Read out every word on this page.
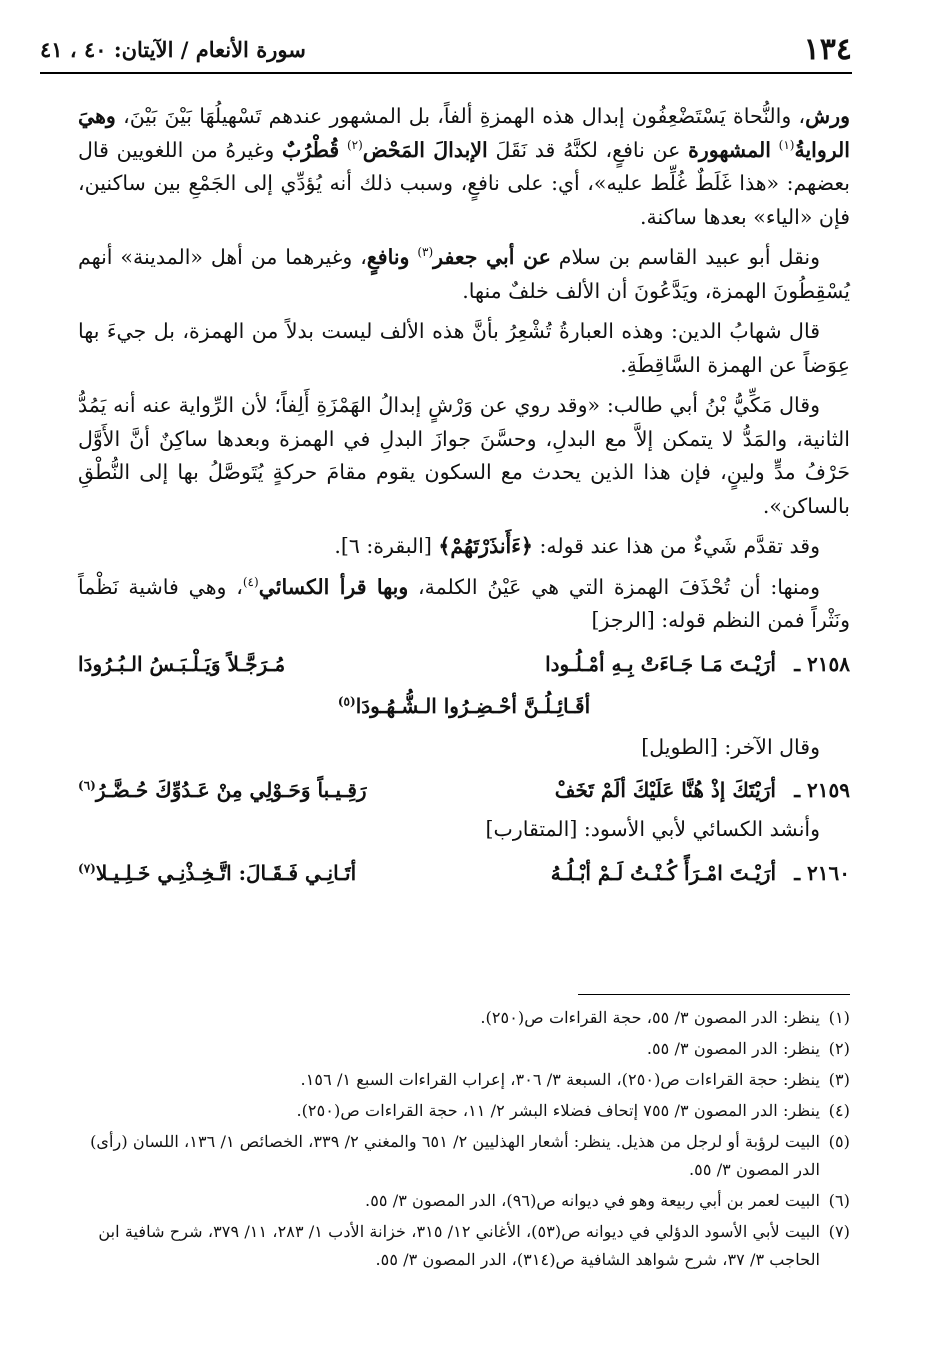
١٣٤
سورة الأنعام / الآيتان: ٤٠ ، ٤١

ورش، والنُّحاة يَسْتَضْعِفُون إبدال هذه الهمزةِ ألفاً، بل المشهور عندهم تَسْهيلُهَا بَيْنَ بَيْنَ، وهيَ الروايةُ$^{(١)}$ المشهورة عن نافعٍ، لكنَّهُ قد نَقَلَ الإبدالَ المَحْض$^{(٢)}$ قُطْرُبٌ وغيرهُ من اللغويين قال بعضهم: «هذا غَلَطٌ غُلِّط عليه»، أي: على نافعٍ، وسبب ذلك أنه يُؤدِّي إلى الجَمْعِ بين ساكنين، فإن «الياء» بعدها ساكنة.

ونقل أبو عبيد القاسم بن سلام عن أبي جعفر$^{(٣)}$ ونافعٍ، وغيرهما من أهل «المدينة» أنهم يُسْقِطُونَ الهمزة، ويَدَّعُونَ أن الألف خلفٌ منها.

قال شهابُ الدين: وهذه العبارةُ تُشْعِرُ بأنَّ هذه الألف ليست بدلاً من الهمزة، بل جيءَ بها عِوَضاً عن الهمزة السَّاقِطَةِ.

وقال مَكِّيُّ بْنُ أبي طالب: «وقد روي عن وَرْشٍ إبدالُ الهَمْزَةِ أَلِفاً؛ لأن الرِّواية عنه أنه يَمُدُّ الثانية، والمَدُّ لا يتمكن إلاَّ مع البدلِ، وحسَّنَ جوازَ البدلِ في الهمزة وبعدها ساكِنٌ أنَّ الأَوَّل حَرْفُ مدٍّ ولينٍ، فإن هذا الذين يحدث مع السكون يقوم مقامَ حركةٍ يُتَوصَّلُ بها إلى النُّطْقِ بالساكن».

وقد تقدَّم شَيءٌ من هذا عند قوله: ﴿ءَأَنذَرْتَهُمْ﴾ [البقرة: ٦].

ومنها: أن تُحْذَفَ الهمزة التي هي عَيْنُ الكلمة، وبها قرأ الكسائي$^{(٤)}$، وهي فاشية نَظْماً ونَثْراً فمن النظم قوله: [الرجز]

٢١٥٨ ـ
أرَيْـتَ مَـا جَـاءَتْ بِـهِ أمْـلُـودا
مُـرَجَّـلاً وَيَـلْـبَـسُ الـبُـرُودَا
أقَـائِـلُـنَّ أحْـضِـرُوا الـشُّـهُـودَا$^{(٥)}$

وقال الآخر: [الطويل]

٢١٥٩ ـ
أرَيْتَكَ إذْ هُنَّا عَلَيْكَ ألَمْ تَخَفْ
رَقِـيـباً وَحَـوْلِي مِنْ عَـدُوِّكَ حُـضَّـرُ$^{(٦)}$

وأنشد الكسائي لأبي الأسود: [المتقارب]

٢١٦٠ ـ
أرَيْـتَ امْـرَأً كُـنْـتُ لَـمْ أبْـلُـهُ
أتَـانِـي فَـقَـالَ: اتَّـخِـذْنِـي خَـلِـيـلا$^{(٧)}$

(١)
ينظر: الدر المصون ٣/ ٥٥، حجة القراءات ص(٢٥٠).

(٢)
ينظر: الدر المصون ٣/ ٥٥.

(٣)
ينظر: حجة القراءات ص(٢٥٠)، السبعة ٣/ ٣٠٦، إعراب القراءات السبع ١/ ١٥٦.

(٤)
ينظر: الدر المصون ٣/ ٧٥٥ إتحاف فضلاء البشر ٢/ ١١، حجة القراءات ص(٢٥٠).

(٥)
البيت لرؤبة أو لرجل من هذيل. ينظر: أشعار الهذليين ٢/ ٦٥١ والمغني ٢/ ٣٣٩، الخصائص ١/ ١٣٦، اللسان (رأى) الدر المصون ٣/ ٥٥.

(٦)
البيت لعمر بن أبي ربيعة وهو في ديوانه ص(٩٦)، الدر المصون ٣/ ٥٥.

(٧)
البيت لأبي الأسود الدؤلي في ديوانه ص(٥٣)، الأغاني ١٢/ ٣١٥، خزانة الأدب ١/ ٢٨٣، ١١/ ٣٧٩، شرح شافية ابن الحاجب ٣/ ٣٧، شرح شواهد الشافية ص(٣١٤)، الدر المصون ٣/ ٥٥.
